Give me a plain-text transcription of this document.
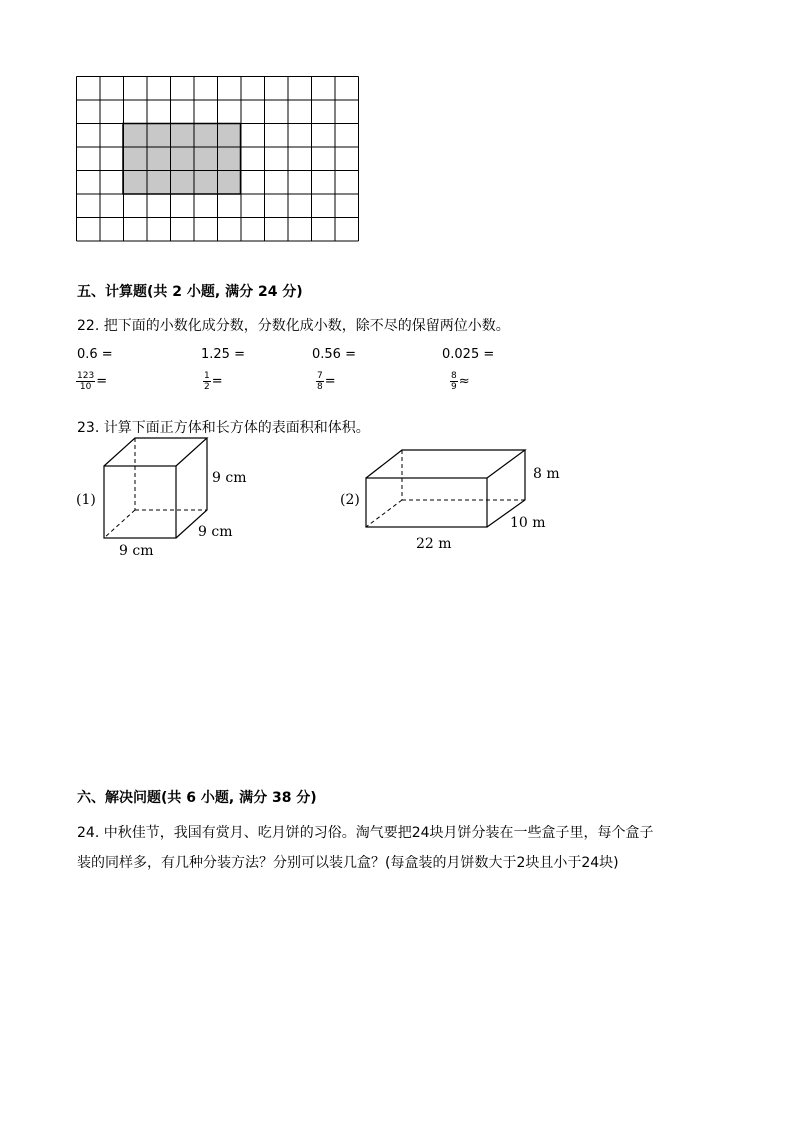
五、计算题(共 2 小题, 满分 24 分)
22. 把下面的小数化成分数，分数化成小数，除不尽的保留两位小数。
0.6 =	1.25 =	0.56 =	0.025 =
$\frac{123}{10}$ =	$\frac{1}{2}$ =	$\frac{7}{8}$ =	$\frac{8}{9}$ ≈
23. 计算下面正方体和长方体的表面积和体积。
(1)
9 cm
9 cm
9 cm
(2)
8 m
10 m
22 m
六、解决问题(共 6 小题, 满分 38 分)
24. 中秋佳节，我国有赏月、吃月饼的习俗。淘气要把24块月饼分装在一些盒子里，每个盒子
装的同样多，有几种分装方法？分别可以装几盒？(每盒装的月饼数大于2块且小于24块)
